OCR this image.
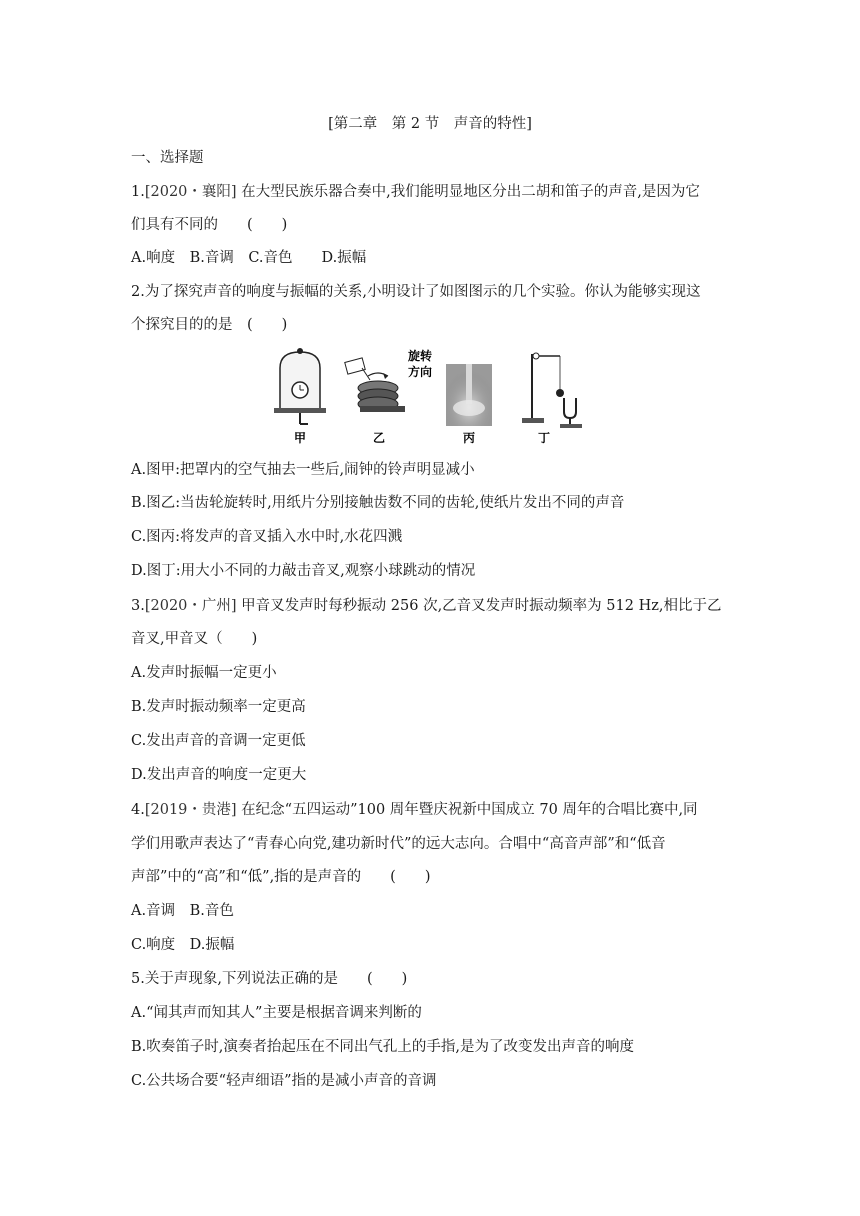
[第二章　第 2 节　声音的特性]
一、选择题
1.[2020・襄阳] 在大型民族乐器合奏中,我们能明显地区分出二胡和笛子的声音,是因为它
们具有不同的　　(　　)
A.响度　B.音调　C.音色　　D.振幅
2.为了探究声音的响度与振幅的关系,小明设计了如图图示的几个实验。你认为能够实现这
个探究目的的是　(　　)
甲
旋转
方向
乙	丙	丁
A.图甲:把罩内的空气抽去一些后,闹钟的铃声明显减小
B.图乙:当齿轮旋转时,用纸片分别接触齿数不同的齿轮,使纸片发出不同的声音
C.图丙:将发声的音叉插入水中时,水花四溅
D.图丁:用大小不同的力敲击音叉,观察小球跳动的情况
3.[2020・广州] 甲音叉发声时每秒振动 256 次,乙音叉发声时振动频率为 512 Hz,相比于乙
音叉,甲音叉（　　)
A.发声时振幅一定更小
B.发声时振动频率一定更高
C.发出声音的音调一定更低
D.发出声音的响度一定更大
4.[2019・贵港] 在纪念“五四运动”100 周年暨庆祝新中国成立 70 周年的合唱比赛中,同
学们用歌声表达了“青春心向党,建功新时代”的远大志向。合唱中“高音声部”和“低音
声部”中的“高”和“低”,指的是声音的　　(　　)
A.音调　B.音色
C.响度　D.振幅
5.关于声现象,下列说法正确的是　　(　　)
A.“闻其声而知其人”主要是根据音调来判断的
B.吹奏笛子时,演奏者抬起压在不同出气孔上的手指,是为了改变发出声音的响度
C.公共场合要“轻声细语”指的是减小声音的音调
